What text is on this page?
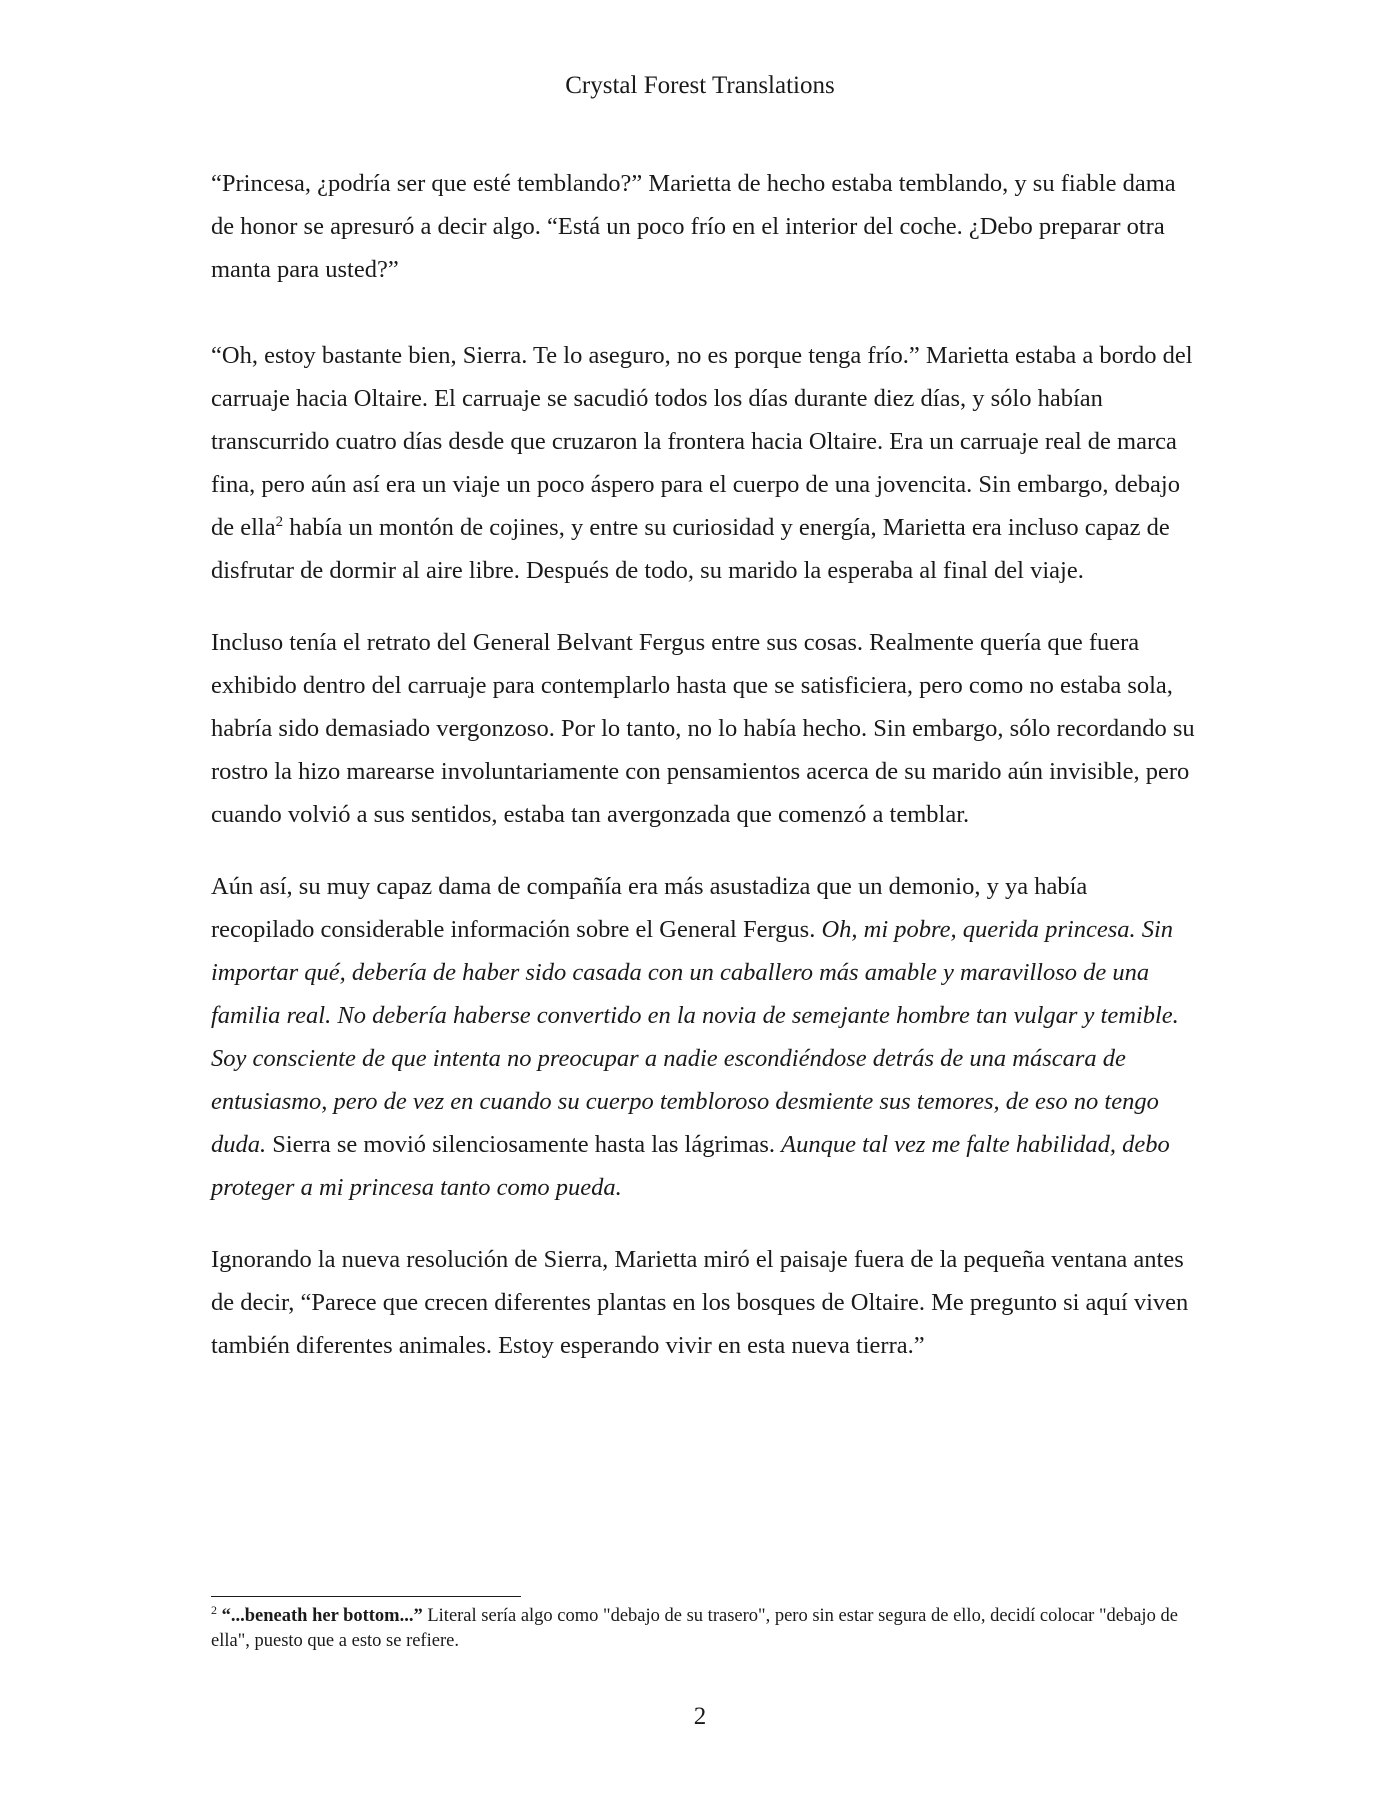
Crystal Forest Translations

“Princesa, ¿podría ser que esté temblando?” Marietta de hecho estaba temblando, y su fiable dama de honor se apresuró a decir algo. “Está un poco frío en el interior del coche. ¿Debo preparar otra manta para usted?”

“Oh, estoy bastante bien, Sierra. Te lo aseguro, no es porque tenga frío.” Marietta estaba a bordo del carruaje hacia Oltaire. El carruaje se sacudió todos los días durante diez días, y sólo habían transcurrido cuatro días desde que cruzaron la frontera hacia Oltaire. Era un carruaje real de marca fina, pero aún así era un viaje un poco áspero para el cuerpo de una jovencita. Sin embargo, debajo de ella$^2$ había un montón de cojines, y entre su curiosidad y energía, Marietta era incluso capaz de disfrutar de dormir al aire libre. Después de todo, su marido la esperaba al final del viaje.

Incluso tenía el retrato del General Belvant Fergus entre sus cosas. Realmente quería que fuera exhibido dentro del carruaje para contemplarlo hasta que se satisficiera, pero como no estaba sola, habría sido demasiado vergonzoso. Por lo tanto, no lo había hecho. Sin embargo, sólo recordando su rostro la hizo marearse involuntariamente con pensamientos acerca de su marido aún invisible, pero cuando volvió a sus sentidos, estaba tan avergonzada que comenzó a temblar.

Aún así, su muy capaz dama de compañía era más asustadiza que un demonio, y ya había recopilado considerable información sobre el General Fergus. Oh, mi pobre, querida princesa. Sin importar qué, debería de haber sido casada con un caballero más amable y maravilloso de una familia real. No debería haberse convertido en la novia de semejante hombre tan vulgar y temible. Soy consciente de que intenta no preocupar a nadie escondiéndose detrás de una máscara de entusiasmo, pero de vez en cuando su cuerpo tembloroso desmiente sus temores, de eso no tengo duda. Sierra se movió silenciosamente hasta las lágrimas. Aunque tal vez me falte habilidad, debo proteger a mi princesa tanto como pueda.

Ignorando la nueva resolución de Sierra, Marietta miró el paisaje fuera de la pequeña ventana antes de decir, “Parece que crecen diferentes plantas en los bosques de Oltaire. Me pregunto si aquí viven también diferentes animales. Estoy esperando vivir en esta nueva tierra.”

$^2$ “...beneath her bottom...” Literal sería algo como "debajo de su trasero", pero sin estar segura de ello, decidí colocar "debajo de ella", puesto que a esto se refiere.
2
